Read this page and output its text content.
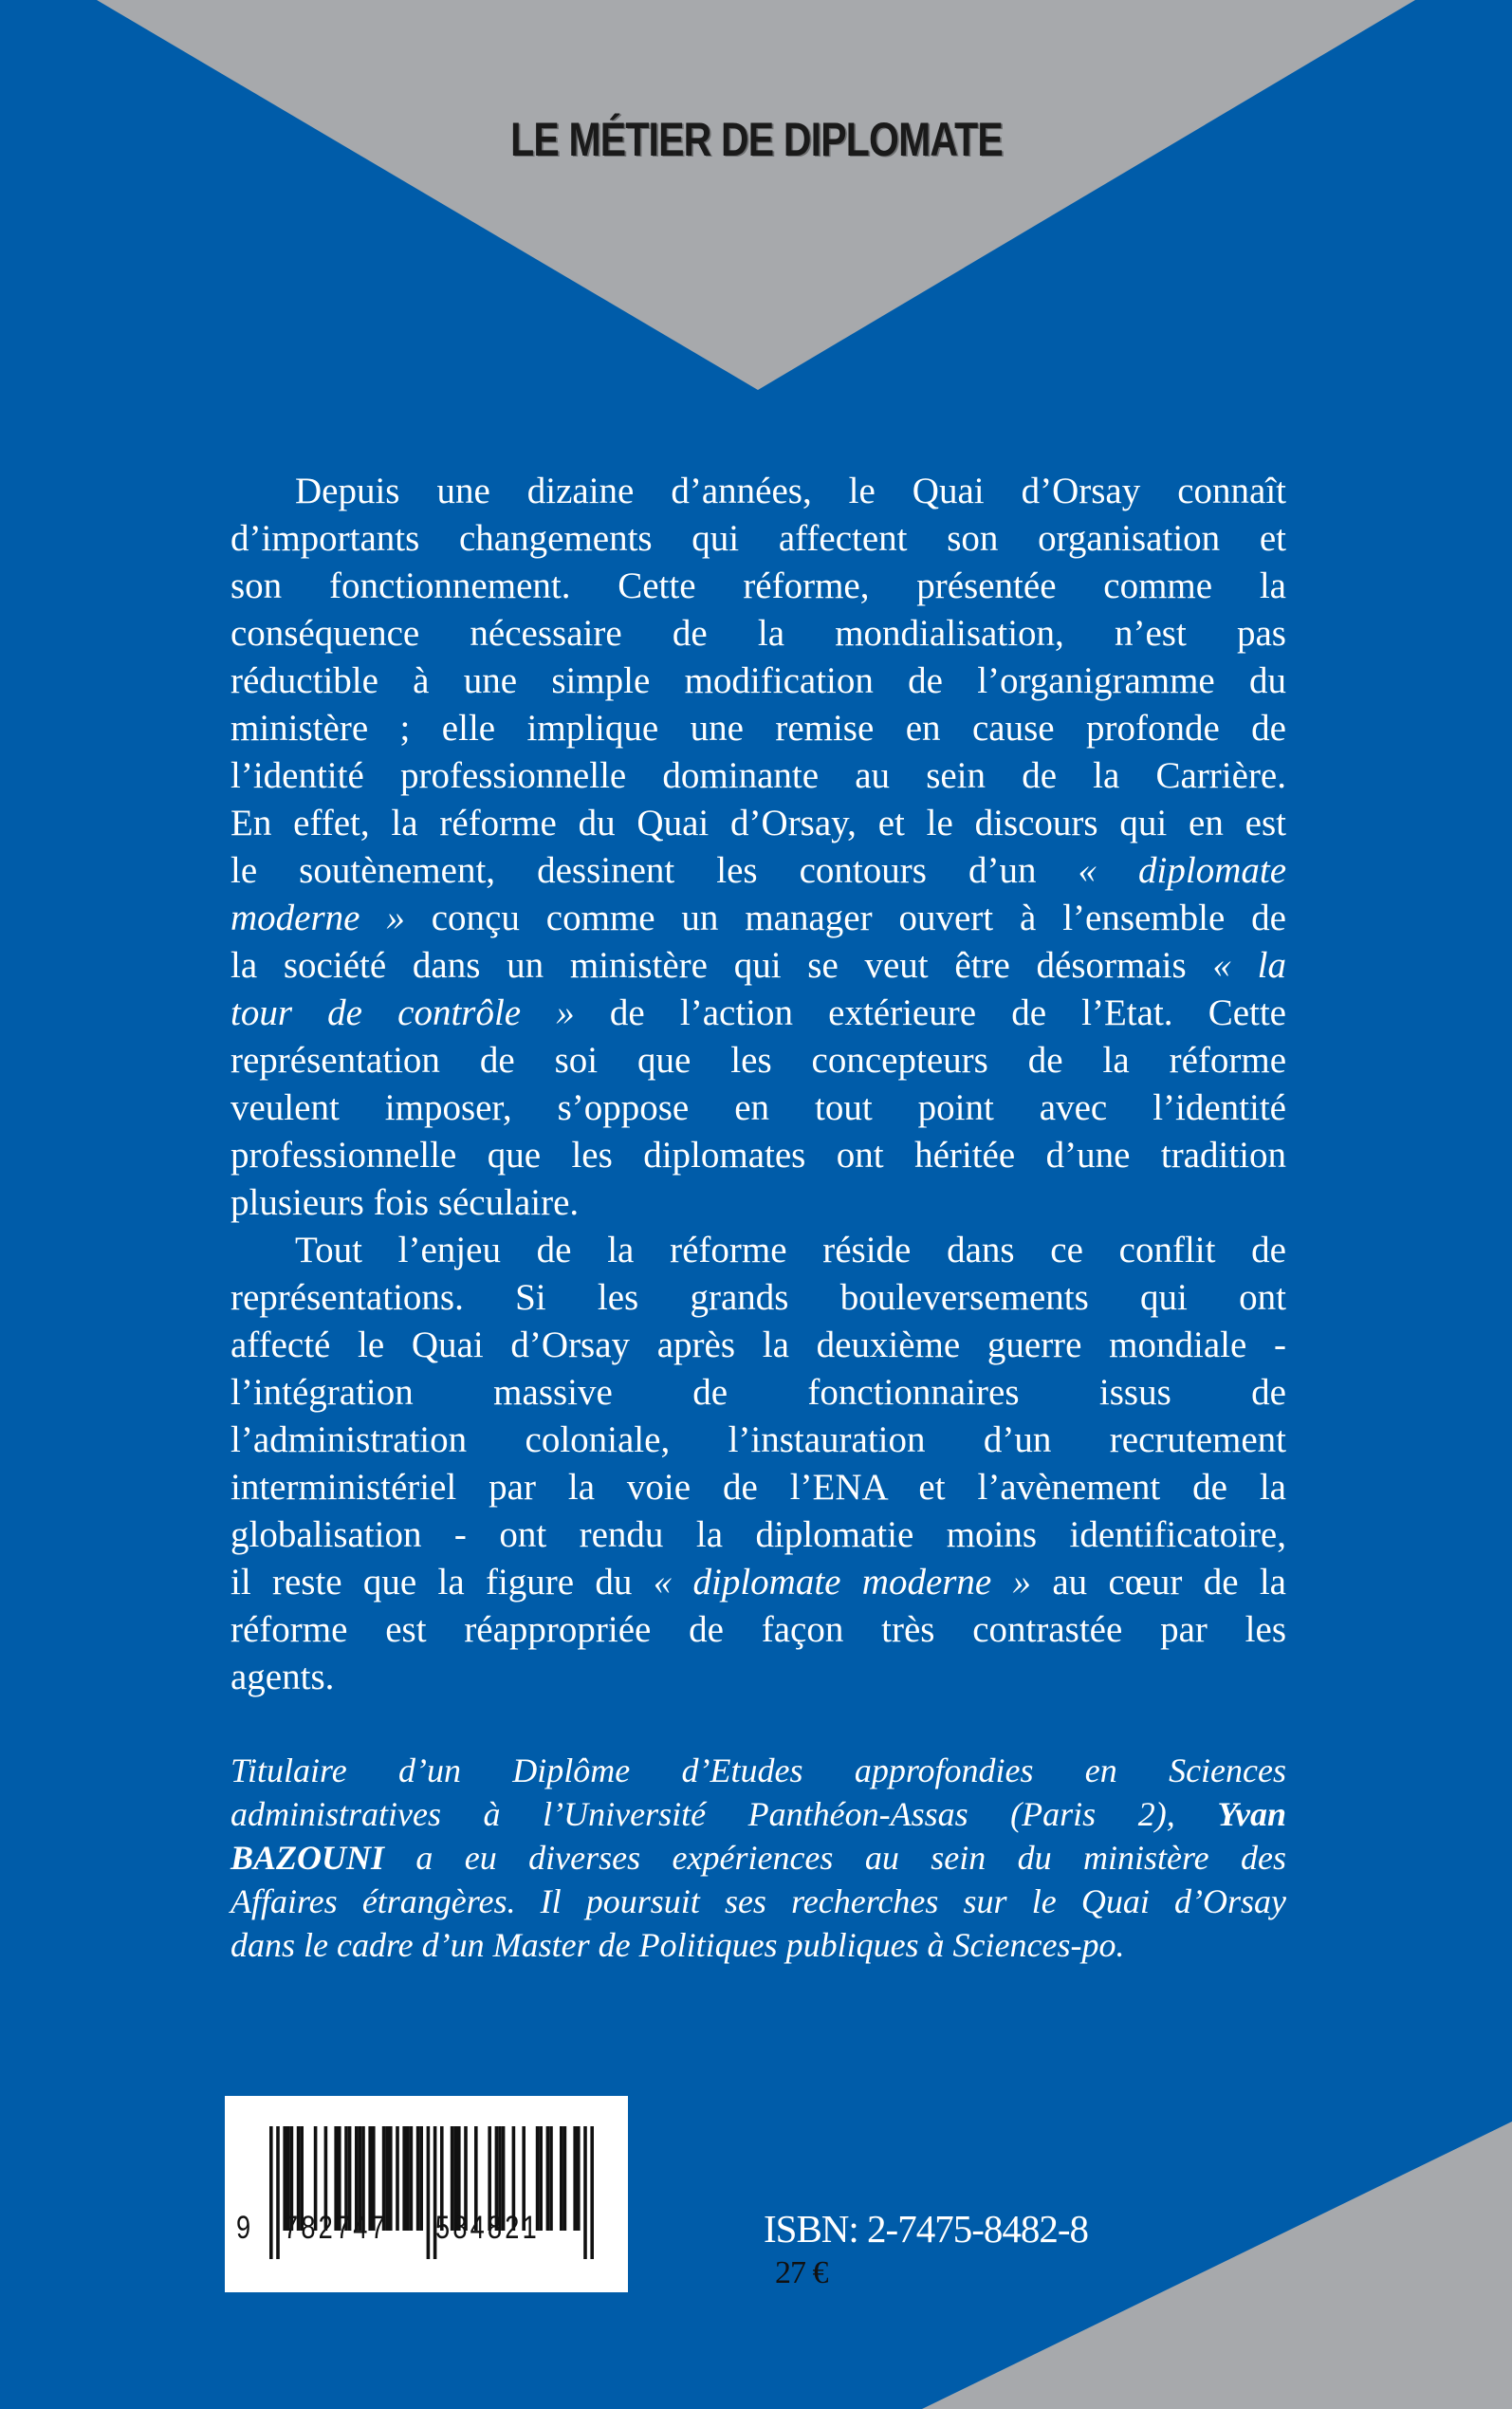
LE MÉTIER DE DIPLOMATE
Depuis une dizaine d’années, le Quai d’Orsay connaît
d’importants changements qui affectent son organisation et
son fonctionnement. Cette réforme, présentée comme la
conséquence nécessaire de la mondialisation, n’est pas
réductible à une simple modification de l’organigramme du
ministère ; elle implique une remise en cause profonde de
l’identité professionnelle dominante au sein de la Carrière.
En effet, la réforme du Quai d’Orsay, et le discours qui en est
le soutènement, dessinent les contours d’un « diplomate
moderne » conçu comme un manager ouvert à l’ensemble de
la société dans un ministère qui se veut être désormais « la
tour de contrôle » de l’action extérieure de l’Etat. Cette
représentation de soi que les concepteurs de la réforme
veulent imposer, s’oppose en tout point avec l’identité
professionnelle que les diplomates ont héritée d’une tradition
plusieurs fois séculaire.
Tout l’enjeu de la réforme réside dans ce conflit de
représentations. Si les grands bouleversements qui ont
affecté le Quai d’Orsay après la deuxième guerre mondiale -
l’intégration massive de fonctionnaires issus de
l’administration coloniale, l’instauration d’un recrutement
interministériel par la voie de l’ENA et l’avènement de la
globalisation - ont rendu la diplomatie moins identificatoire,
il reste que la figure du « diplomate moderne » au cœur de la
réforme est réappropriée de façon très contrastée par les
agents.
Titulaire d’un Diplôme d’Etudes approfondies en Sciences
administratives à l’Université Panthéon-Assas (Paris 2), Yvan
BAZOUNI a eu diverses expériences au sein du ministère des
Affaires étrangères. Il poursuit ses recherches sur le Quai d’Orsay
dans le cadre d’un Master de Politiques publiques à Sciences-po.
9 782747 584821	ISBN: 2-7475-8482-8
27 €
